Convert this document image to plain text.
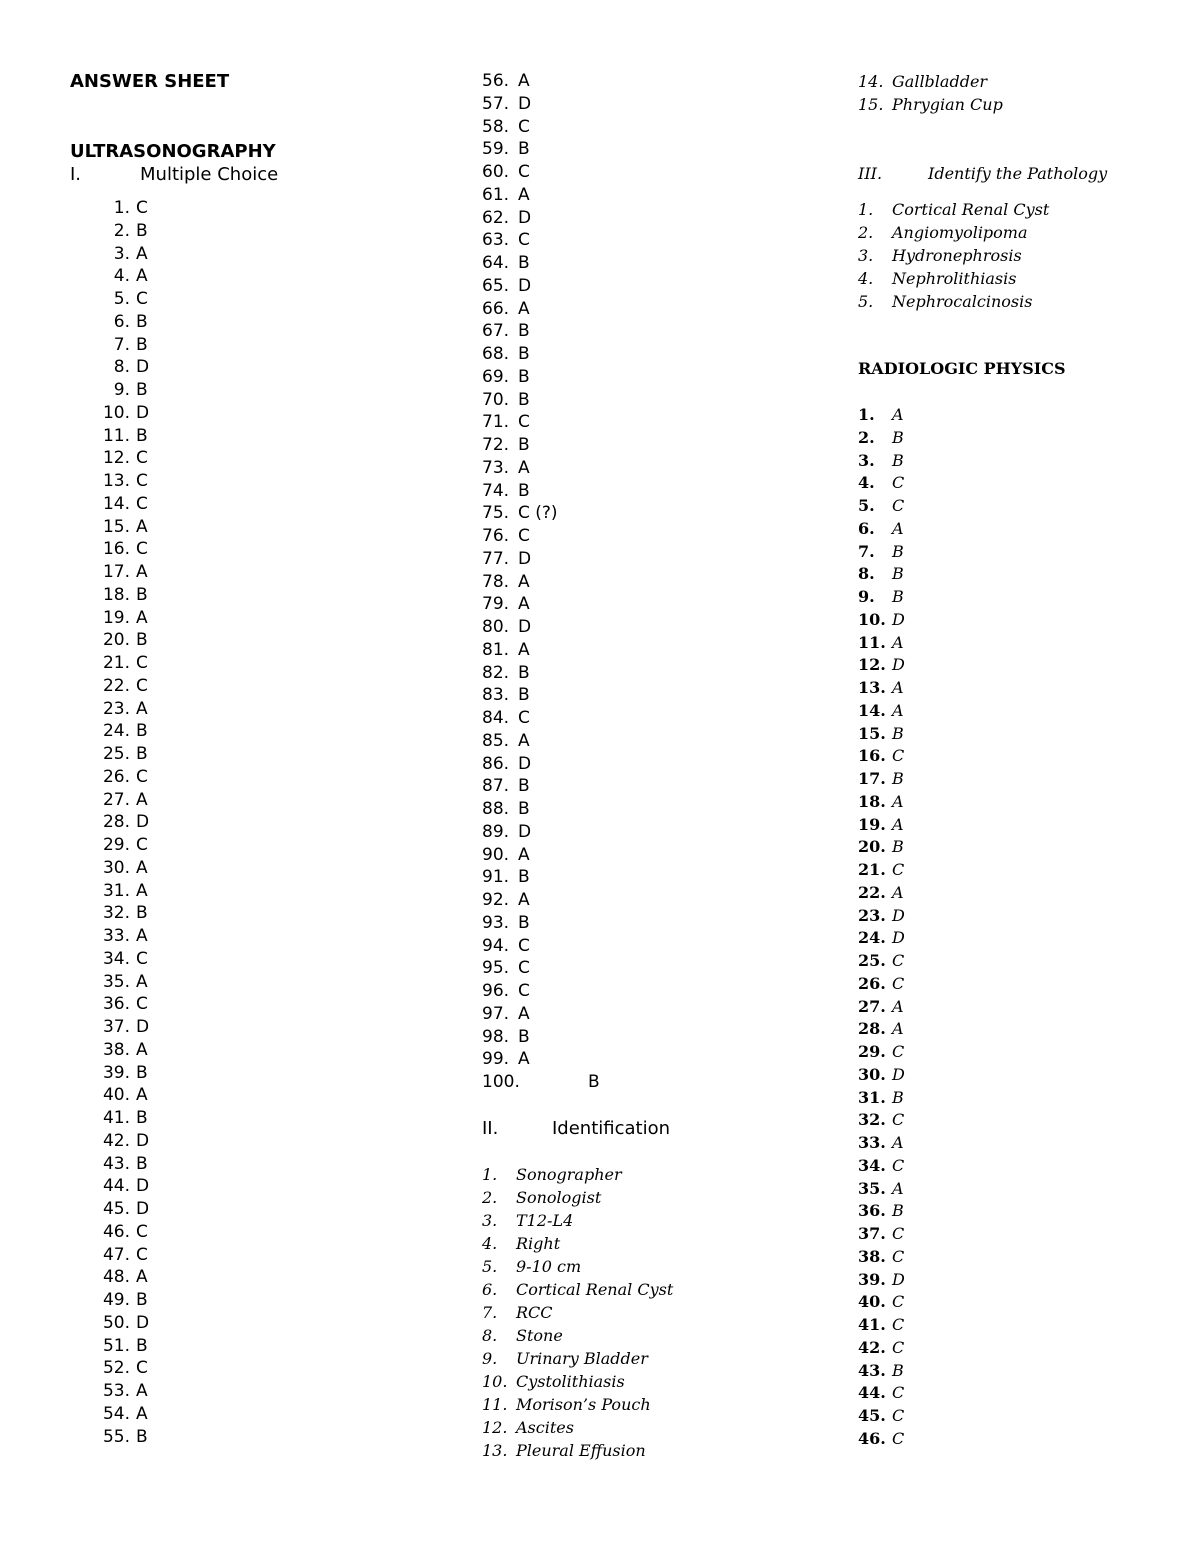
ANSWER SHEET
ULTRASONOGRAPHY
I.	Multiple Choice
1. C
2. B
3. A
4. A
5. C
6. B
7. B
8. D
9. B
10. D
11. B
12. C
13. C
14. C
15. A
16. C
17. A
18. B
19. A
20. B
21. C
22. C
23. A
24. B
25. B
26. C
27. A
28. D
29. C
30. A
31. A
32. B
33. A
34. C
35. A
36. C
37. D
38. A
39. B
40. A
41. B
42. D
43. B
44. D
45. D
46. C
47. C
48. A
49. B
50. D
51. B
52. C
53. A
54. A
55. B
56. A
57. D
58. C
59. B
60. C
61. A
62. D
63. C
64. B
65. D
66. A
67. B
68. B
69. B
70. B
71. C
72. B
73. A
74. B
75. C (?)
76. C
77. D
78. A
79. A
80. D
81. A
82. B
83. B
84. C
85. A
86. D
87. B
88. B
89. D
90. A
91. B
92. A
93. B
94. C
95. C
96. C
97. A
98. B
99. A
100.	B
II.	Identification
1.	Sonographer
2.	Sonologist
3.	T12-L4
4.	Right
5.	9-10 cm
6.	Cortical Renal Cyst
7.	RCC
8.	Stone
9.	Urinary Bladder
10. Cystolithiasis
11. Morison’s Pouch
12. Ascites
13. Pleural Effusion
14. Gallbladder
15. Phrygian Cup
III.	Identify the Pathology
1.	Cortical Renal Cyst
2.	Angiomyolipoma
3.	Hydronephrosis
4.	Nephrolithiasis
5.	Nephrocalcinosis
RADIOLOGIC PHYSICS
1.	A
2.	B
3.	B
4.	C
5.	C
6.	A
7.	B
8.	B
9.	B
10. D
11. A
12. D
13. A
14. A
15. B
16. C
17. B
18. A
19. A
20. B
21. C
22. A
23. D
24. D
25. C
26. C
27. A
28. A
29. C
30. D
31. B
32. C
33. A
34. C
35. A
36. B
37. C
38. C
39. D
40. C
41. C
42. C
43. B
44. C
45. C
46. C
